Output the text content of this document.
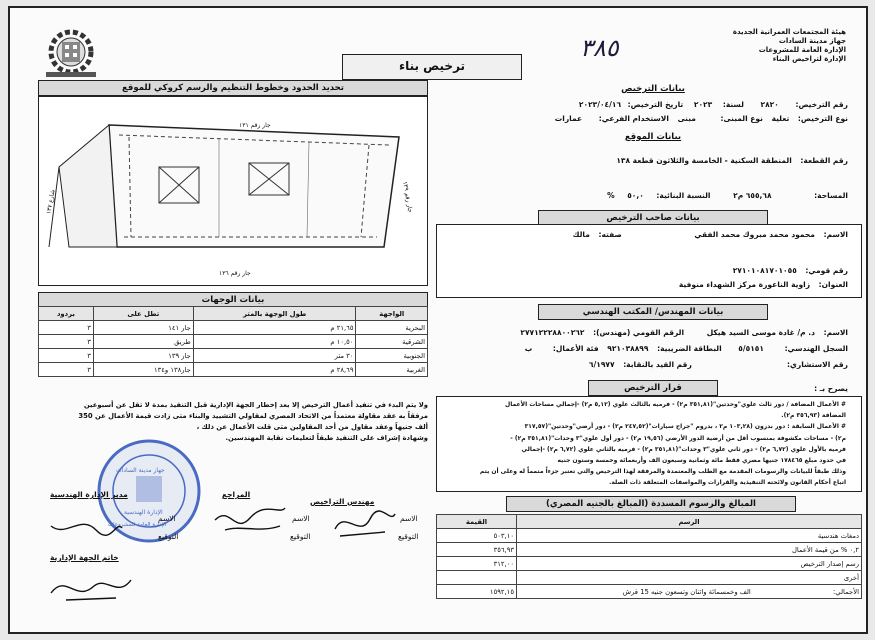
ترخيص بناء
٣٨٥
هيئة المجتمعات العمرانية الجديدة
جهاز مدينة السادات
الإدارة العامة للمشروعات
الإدارة لتراخيص البناء
تحديد الحدود وخطوط التنظيم والرسم كروكي للموقع
جار رقم ١٣١
جار رقم ١٣٦
جار رقم ١٣٩
شارع ١٣٧
بيانات الوجهات
الواجهة	طول الوجهة بالمتر	تطل على	بردود
البحرية	٢١,٦٥ م	جار ١٤١	٣
الشرقية	١٠,٥٠ م	طريق	٣
الجنوبية	٣٠ متر	جار ١٣٩	٣
الغربية	٢٨,٦٩ م	جار١٣٨ و١٣٤	٣
ولا يتم البدء في تنفيذ أعمال الترخيص إلا بعد إخطار الجهة الإدارية قبل التنفيذ بمدة لا تقل عن أسبوعين
مرفقاً به عقد مقاولة معتمداً من الاتحاد المصري لمقاولي التشييد والبناء متى زادت قيمة الأعمال عن 350
ألف جنيهاً وعقد مقاول من أحد المقاولين متى قلت الأعمال عن ذلك ،
وشهادة إشراف على التنفيذ طبقاً لتعليمات نقابة المهندسين.
جهاز مدينة السادات
الإدارة الهندسية
الإدارة العامة للمشروعات
مهندس التراخيص
المراجع
مدير الإدارة الهندسية
الاسم
التوقيع
الاسم
التوقيع
الاسم
التوقيع
خاتم الجهة الإدارية
بيانات الترخيص
رقم الترخيص: ٢٨٢٠ لسنة: ٢٠٢٣ تاريخ الترخيص: ٢٠٢٣/٠٤/١٦
نوع الترخيص: تعلية نوع المبنى: مبنى الاستخدام الفرعي: عمارات
بيانات الموقع
رقم القطعة: المنطقة السكنية - الخامسة والثلاثون قطعة ١٣٨
المساحة: ٦٥٥,٦٨ م٢ النسبة البنائية: ٥٠,٠ %
بيانات صاحب الترخيص
الاسم: محمود محمد مبروك محمد الفقي صفته: مالك
رقم قومي: ٢٧١٠١٠٨١٧٠١٠٥٥
العنوان: زاوية الناعورة مركز الشهداء منوفية
بيانات المهندس/ المكتب الهندسي
الاسم: د. م/ غادة موسى السيد هيكل الرقم القومي (مهندس): ٢٧٧١٢٢٢٨٨٠٠٢٦٢
السجل الهندسي: ٥/٥١٥١ البطاقة الضريبية: ٩٢١٠٣٨٨٩٩ فئة الأعمال: ب
رقم الاستشاري:  رقم القيد بالنقابة: ٦/١٩٧٧
قرار الترخيص	يصرح بـ :
# الأعمال المضافة / دور ثالث علوي"وحدتين"(٣٥١,٨١ م٢) - فرميه بالثالث علوي (٥,١٢ م٢) -إجمالي مساحات الأعمال
المضافة (٣٥٦,٩٣ م٢).
# الأعمال السابقة : دور بدرون (١٠٣,٢٨ م٢ ، بدروم "جراج سيارات"(٢٤٧,٥٢ م٢) - دور أرضي"وحدتين"(٣١٧,٥٧
م٢) - مساحات مكشوفة بمنسوب أقل من أرضية الدور الأرضي (١٩,٥٦ م٢) - دور أول علوي"٣ وحدات"(٣٥١,٨١ م٢) -
فرميه بالأول علوي (٦,٧٢ م٢) - دور ثاني علوي"٣ وحدات"(٣٥١,٨١ م٢) - فرميه بالثاني علوي (٦,٧٢ م٢) -إجمالي
في حدود مبلغ ١٧٨٤٦٥ جنيها مصري فقط مائة وثمانية وسبعون الف وأربعمائة وخمسة وستون جنيه
وذلك طبقاً للبيانات والرسومات المقدمة مع الطلب والمعتمدة والمرفقة لهذا الترخيص والتي تعتبر جزءاً متمماً له وعلى أن يتم
اتباع أحكام القانون ولائحته التنفيذية والقرارات والمواصفات المتعلقة ذات الصلة.
المبالغ والرسوم المسددة (المبالغ بالجنيه المصري)
الرسم	القيمة
دمغات هندسية	٥٠٣,١٠
٠,٢ % من قيمة الأعمال	٣٥٦,٩٣
رسم إصدار الترخيص	٣١٢,٠٠
أخرى	
الأجمالي: الف وخمسمائة واثنان وتسعون جنيه 15 قرش	١٥٩٢,١٥
